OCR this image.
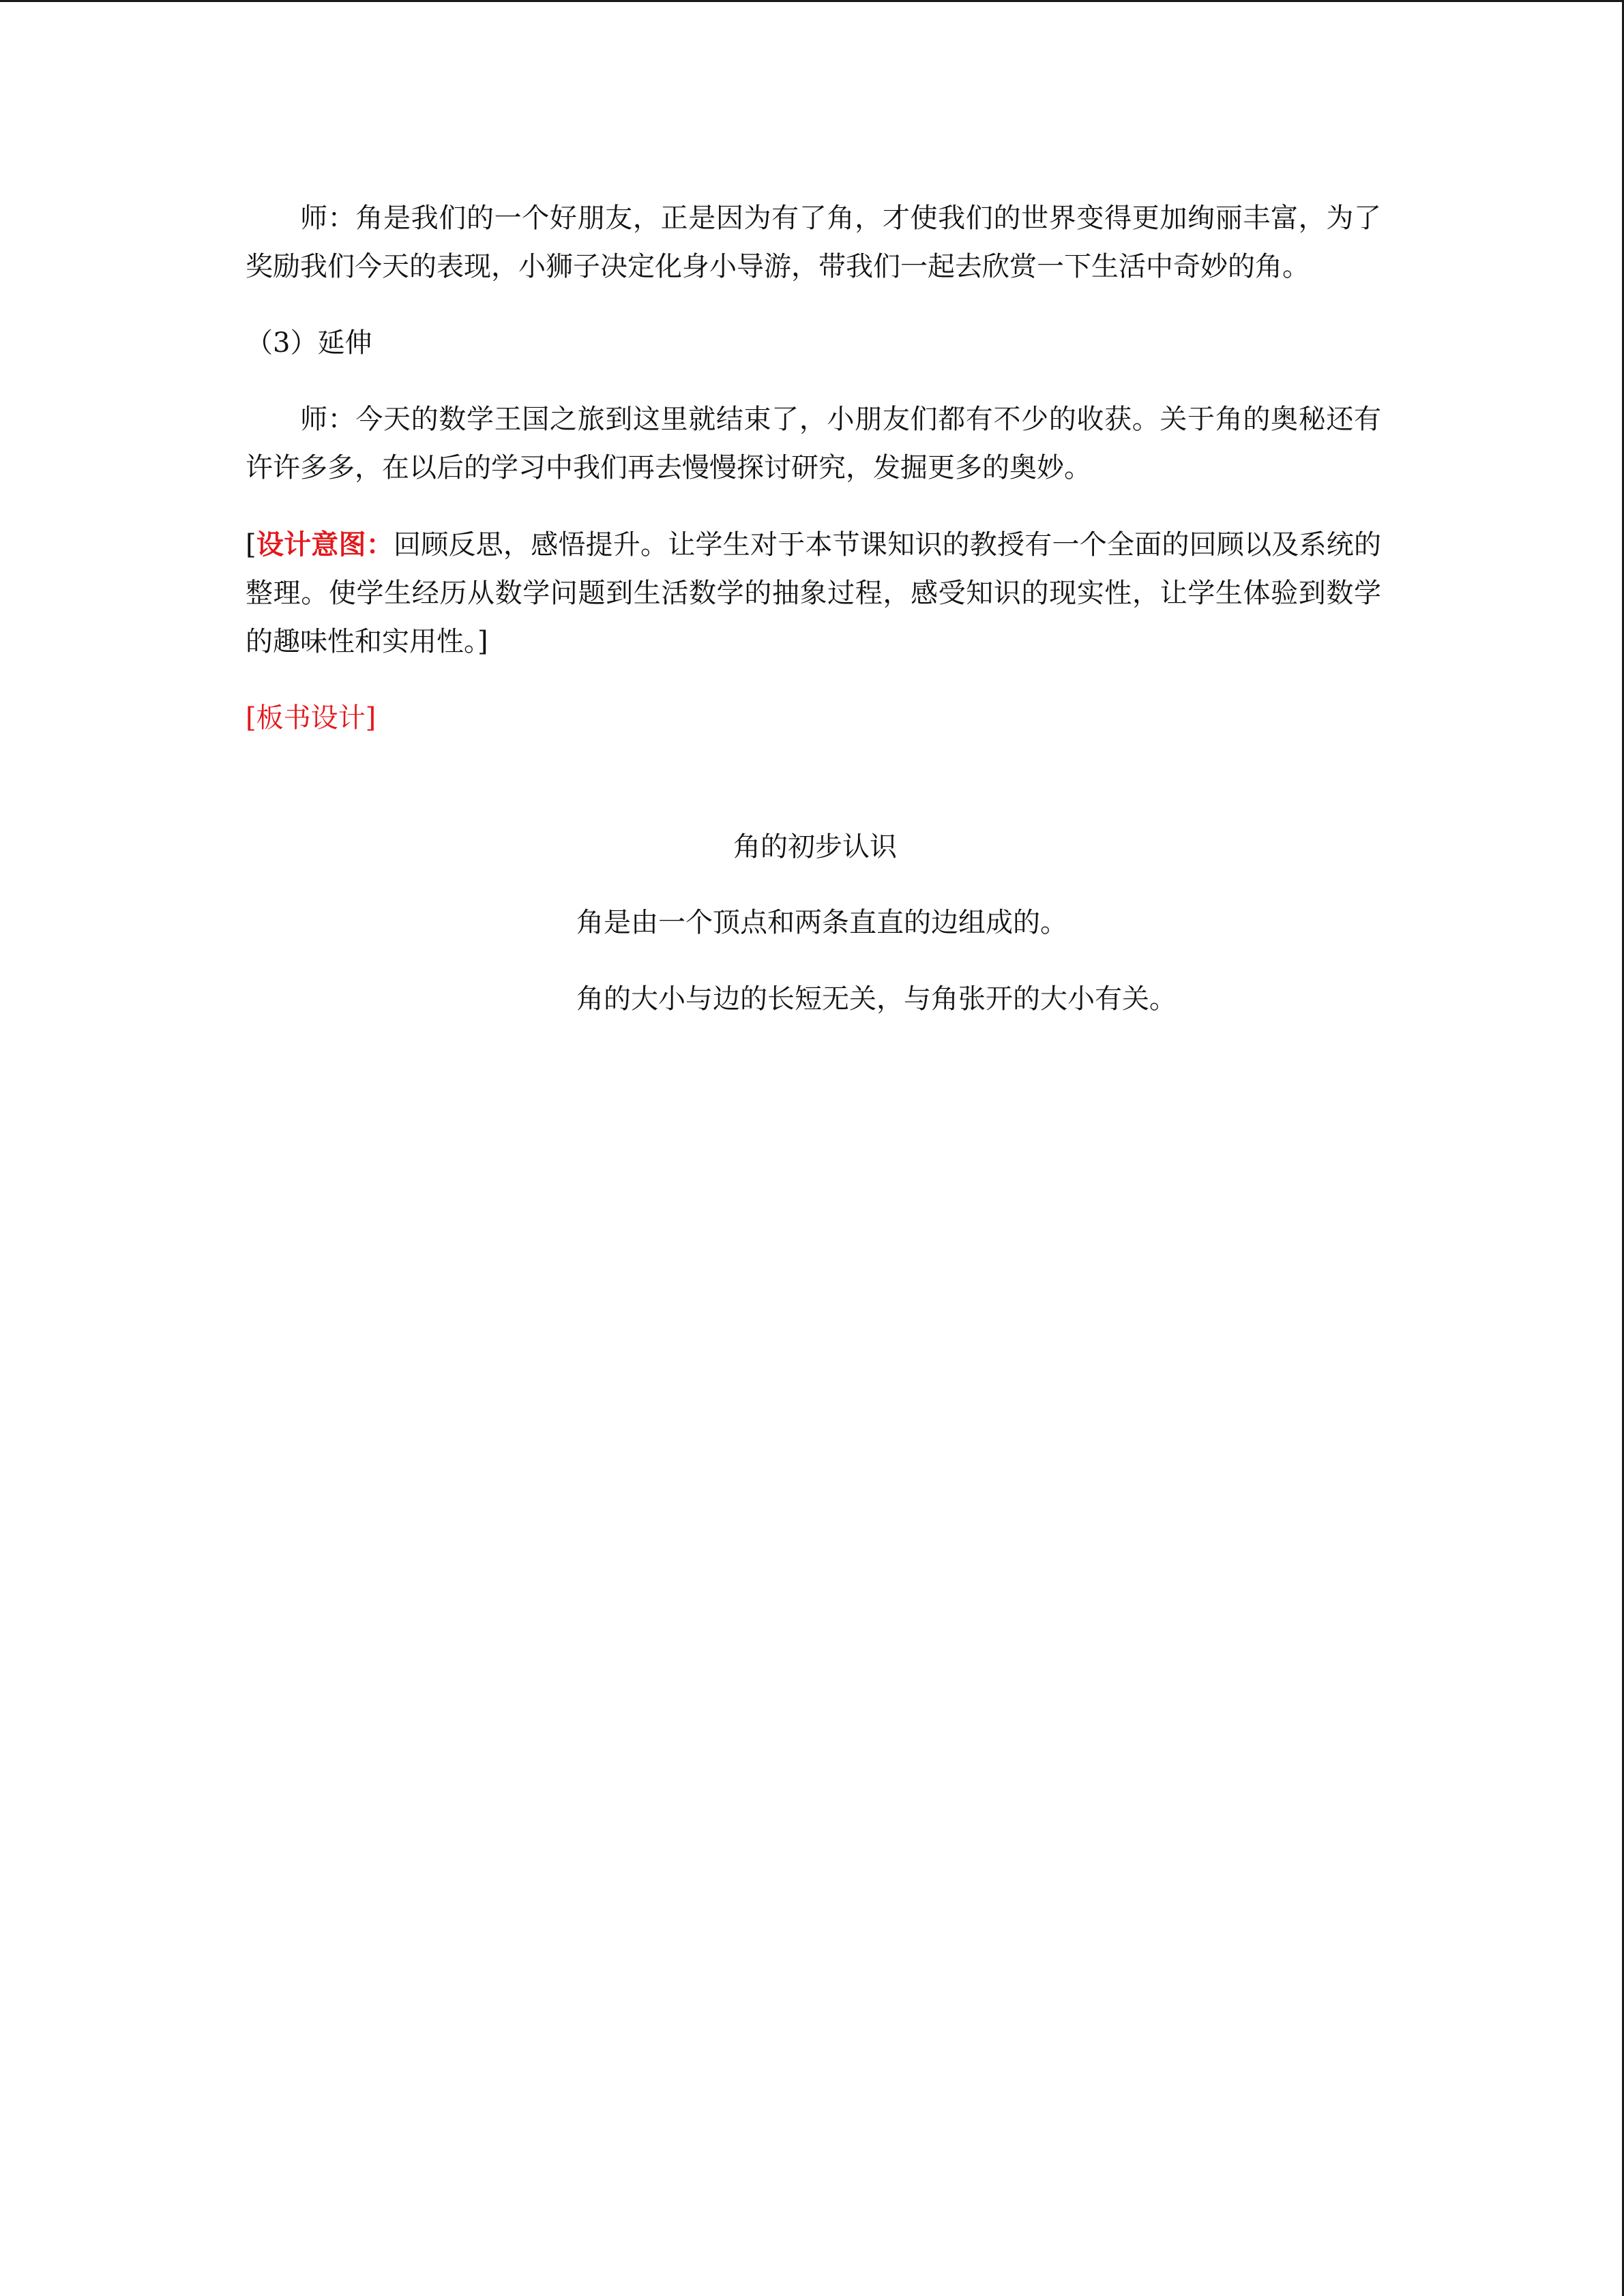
师：角是我们的一个好朋友，正是因为有了角，才使我们的世界变得更加绚丽丰富，为了奖励我们今天的表现，小狮子决定化身小导游，带我们一起去欣赏一下生活中奇妙的角。

（3）延伸

师：今天的数学王国之旅到这里就结束了，小朋友们都有不少的收获。关于角的奥秘还有许许多多，在以后的学习中我们再去慢慢探讨研究，发掘更多的奥妙。

[设计意图：回顾反思，感悟提升。让学生对于本节课知识的教授有一个全面的回顾以及系统的整理。使学生经历从数学问题到生活数学的抽象过程，感受知识的现实性，让学生体验到数学的趣味性和实用性。]

[板书设计]

角的初步认识
角是由一个顶点和两条直直的边组成的。
角的大小与边的长短无关，与角张开的大小有关。
